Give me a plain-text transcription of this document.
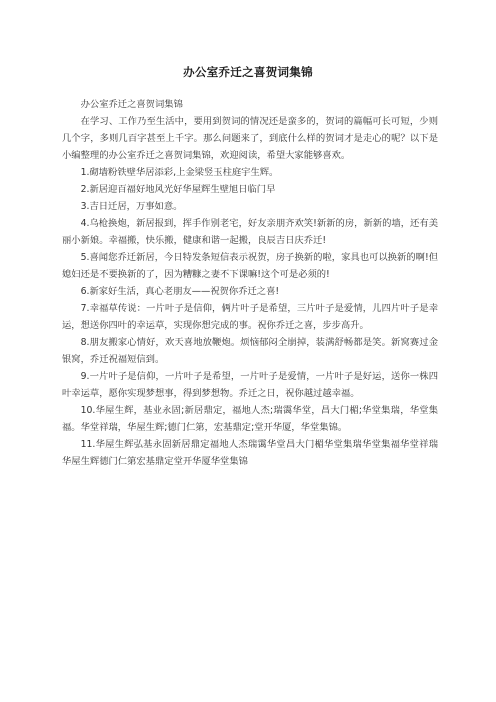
办公室乔迁之喜贺词集锦

办公室乔迁之喜贺词集锦

在学习、工作乃至生活中，要用到贺词的情况还是蛮多的，贺词的篇幅可长可短，少则几个字，多则几百字甚至上千字。那么问题来了，到底什么样的贺词才是走心的呢？以下是小编整理的办公室乔迁之喜贺词集锦，欢迎阅读，希望大家能够喜欢。

1.砌墙粉铁壁华居添彩,上金梁竖玉柱庭宇生辉。

2.新居迎百福好地风光好华屋辉生壁旭日临门早

3.吉日迁居，万事如意。

4.乌枪换炮，新居报到，挥手作别老宅，好友亲朋齐欢笑!新新的房，新新的墙，还有美丽小新娘。幸福搬，快乐搬，健康和谐一起搬，良辰吉日庆乔迁!

5.喜闻您乔迁新居，今日特发条短信表示祝贺，房子换新的啦，家具也可以换新的啊!但媳妇还是不要换新的了，因为糟糠之妻不下课嘛!这个可是必须的!

6.新家好生活，真心老朋友——祝贺你乔迁之喜!

7.幸福草传说：一片叶子是信仰，俩片叶子是希望，三片叶子是爱情，儿四片叶子是幸运，想送你四叶的幸运草，实现你想完成的事。祝你乔迁之喜，步步高升。

8.朋友搬家心情好，欢天喜地放鞭炮。烦恼郁闷全崩掉，装满舒畅都是笑。新窝赛过金银窝，乔迁祝福短信到。

9.一片叶子是信仰，一片叶子是希望，一片叶子是爱情，一片叶子是好运，送你一株四叶幸运草，愿你实现梦想事，得到梦想物。乔迁之日，祝你越过越幸福。

10.华屋生辉，基业永固;新居鼎定，福地人杰;瑞霭华堂，昌大门楣;华堂集瑞，华堂集福。华堂祥瑞，华屋生辉;德门仁第，宏基鼎定;堂开华厦，华堂集锦。

11.华屋生辉弘基永固新居鼎定福地人杰瑞霭华堂昌大门楣华堂集瑞华堂集福华堂祥瑞华屋生辉德门仁第宏基鼎定堂开华厦华堂集锦
